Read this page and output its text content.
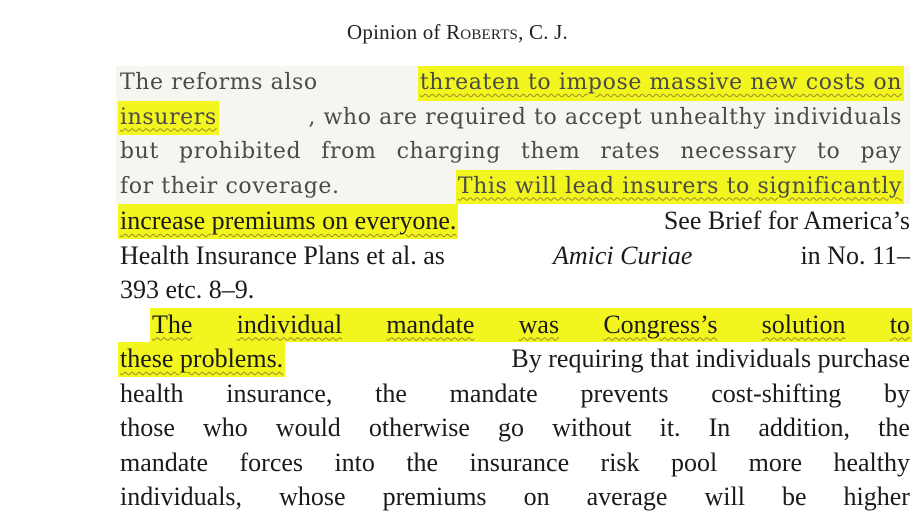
Opinion of Roberts, C. J.
The reforms also	threaten to impose massive new costs on
insurers	, who are required to accept unhealthy individuals
but prohibited from charging them rates necessary to pay
for their coverage.	This will lead insurers to significantly
increase premiums on everyone.	See Brief for America’s
Health Insurance Plans et al. as	Amici Curiae	in No. 11–
393 etc. 8–9.
The individual mandate was Congress’s solution to
these problems.	By requiring that individuals purchase
health insurance, the mandate prevents cost-shifting by
those who would otherwise go without it. In addition, the
mandate forces into the insurance risk pool more healthy
individuals, whose premiums on average will be higher
